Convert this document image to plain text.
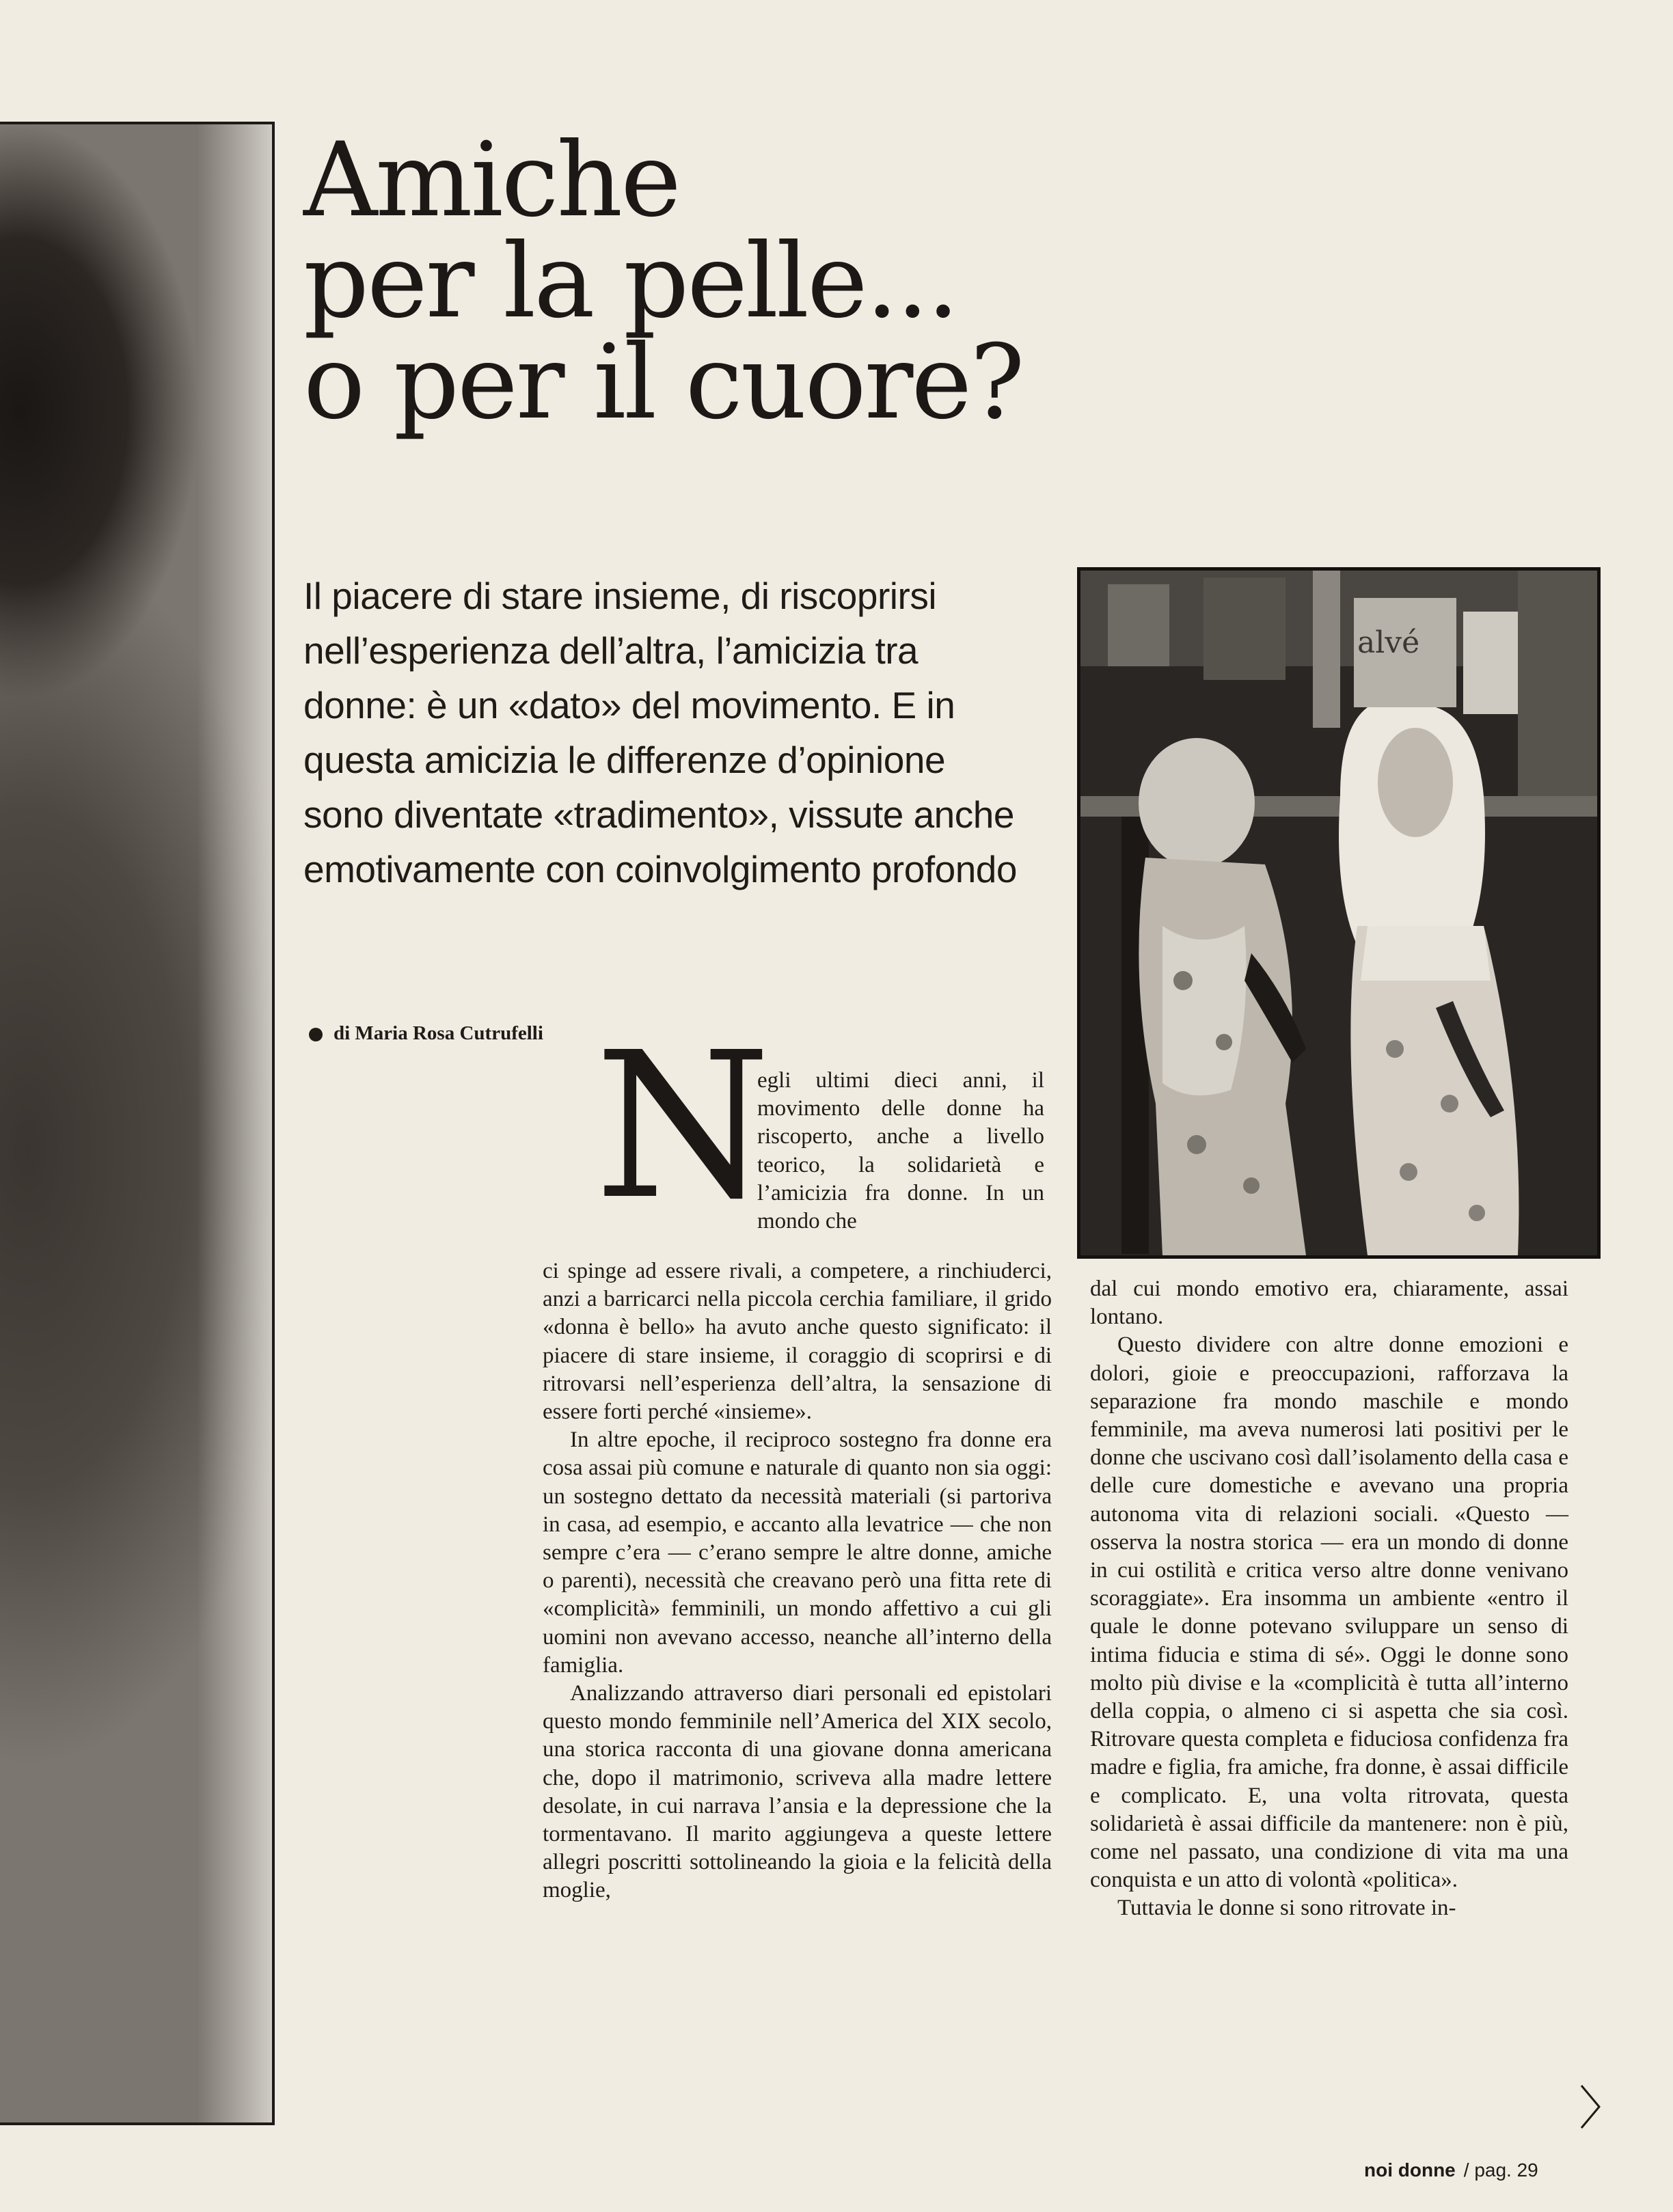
Amiche
per la pelle...
o per il cuore?

Il piacere di stare insieme, di riscoprirsi nell’esperienza dell’altra, l’amicizia tra donne: è un «dato» del movimento. E in questa amicizia le differenze d’opinione sono diventate «tradimento», vissute anche emotivamente con coinvolgimento profondo

di Maria Rosa Cutrufelli
alvé
N

egli ultimi dieci anni, il movimento delle donne ha riscoperto, anche a livello teorico, la solidarietà e l’amicizia fra donne. In un mondo che

ci spinge ad essere rivali, a competere, a rinchiuderci, anzi a barricarci nella piccola cerchia familiare, il grido «donna è bello» ha avuto anche questo significato: il piacere di stare insieme, il coraggio di scoprirsi e di ritrovarsi nell’esperienza dell’altra, la sensazione di essere forti perché «insieme».

In altre epoche, il reciproco sostegno fra donne era cosa assai più comune e naturale di quanto non sia oggi: un sostegno dettato da necessità materiali (si partoriva in casa, ad esempio, e accanto alla levatrice — che non sempre c’era — c’erano sempre le altre donne, amiche o parenti), necessità che creavano però una fitta rete di «complicità» femminili, un mondo affettivo a cui gli uomini non avevano accesso, neanche all’interno della famiglia.

Analizzando attraverso diari personali ed epistolari questo mondo femminile nell’America del XIX secolo, una storica racconta di una giovane donna americana che, dopo il matrimonio, scriveva alla madre lettere desolate, in cui narrava l’ansia e la depressione che la tormentavano. Il marito aggiungeva a queste lettere allegri poscritti sottolineando la gioia e la felicità della moglie,

dal cui mondo emotivo era, chiaramente, assai lontano.

Questo dividere con altre donne emozioni e dolori, gioie e preoccupazioni, rafforzava la separazione fra mondo maschile e mondo femminile, ma aveva numerosi lati positivi per le donne che uscivano così dall’isolamento della casa e delle cure domestiche e avevano una propria autonoma vita di relazioni sociali. «Questo — osserva la nostra storica — era un mondo di donne in cui ostilità e critica verso altre donne venivano scoraggiate». Era insomma un ambiente «entro il quale le donne potevano sviluppare un senso di intima fiducia e stima di sé». Oggi le donne sono molto più divise e la «complicità è tutta all’interno della coppia, o almeno ci si aspetta che sia così. Ritrovare questa completa e fiduciosa confidenza fra madre e figlia, fra amiche, fra donne, è assai difficile e complicato. E, una volta ritrovata, questa solidarietà è assai difficile da mantenere: non è più, come nel passato, una condizione di vita ma una conquista e un atto di volontà «politica».

Tuttavia le donne si sono ritrovate in-

noi donne / pag. 29
